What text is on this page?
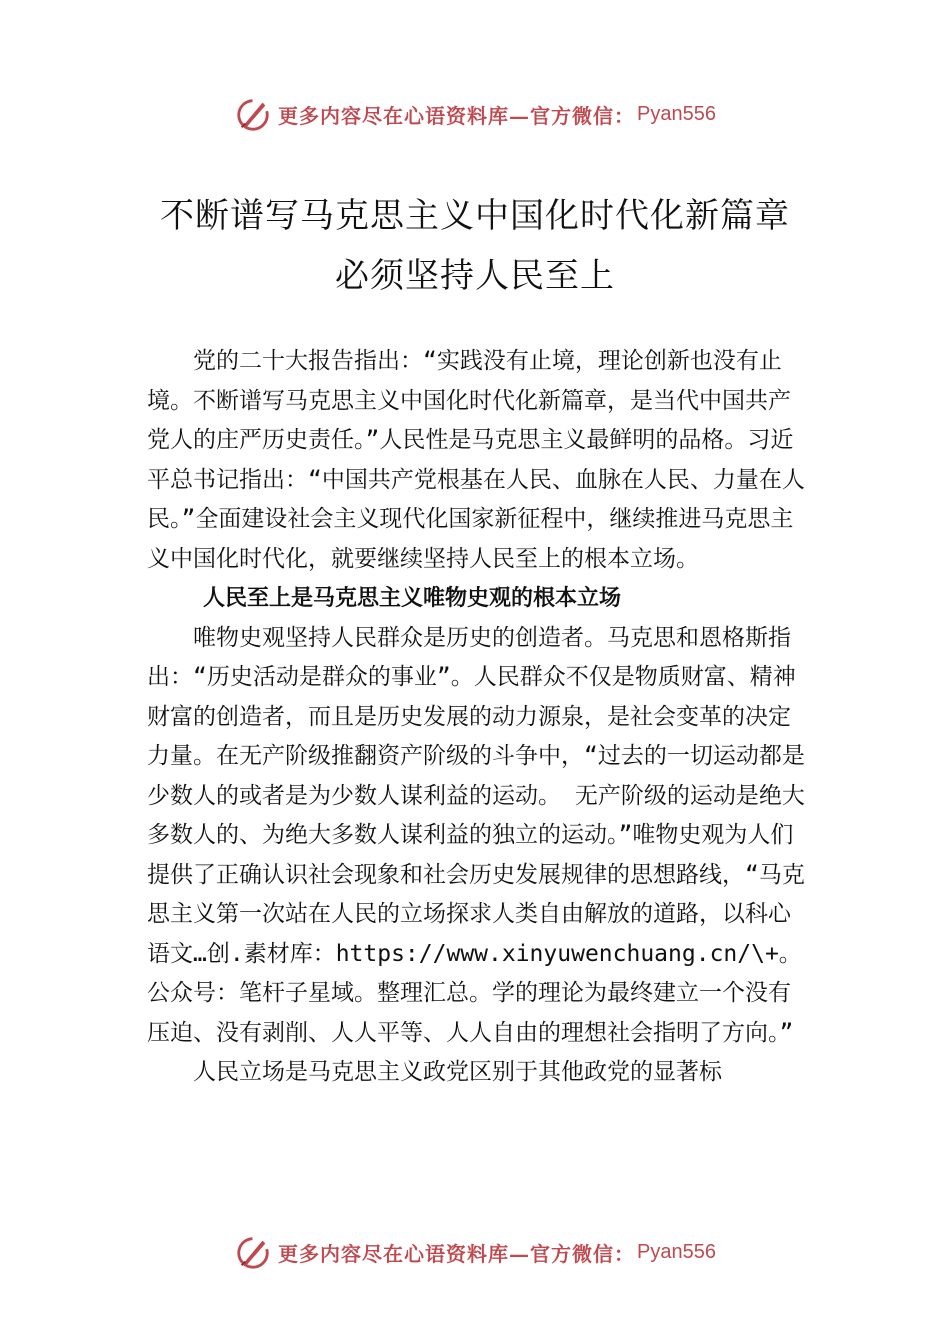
更多内容尽在心语资料库—官方微信： Pyan556
不断谱写马克思主义中国化时代化新篇章
必须坚持人民至上

党的二十大报告指出：“实践没有止境，理论创新也没有止境。不断谱写马克思主义中国化时代化新篇章，是当代中国共产党人的庄严历史责任。”人民性是马克思主义最鲜明的品格。习近平总书记指出：“中国共产党根基在人民、血脉在人民、力量在人民。”全面建设社会主义现代化国家新征程中，继续推进马克思主义中国化时代化，就要继续坚持人民至上的根本立场。

人民至上是马克思主义唯物史观的根本立场

唯物史观坚持人民群众是历史的创造者。马克思和恩格斯指出：“历史活动是群众的事业”。人民群众不仅是物质财富、精神财富的创造者，而且是历史发展的动力源泉，是社会变革的决定力量。在无产阶级推翻资产阶级的斗争中，“过去的一切运动都是少数人的或者是为少数人谋利益的运动。 无产阶级的运动是绝大多数人的、为绝大多数人谋利益的独立的运动。”唯物史观为人们提供了正确认识社会现象和社会历史发展规律的思想路线，“马克思主义第一次站在人民的立场探求人类自由解放的道路，以科心语文…创.素材库：https://www.xinyuwenchuang.cn/\+。公众号：笔杆子星域。整理汇总。学的理论为最终建立一个没有压迫、没有剥削、人人平等、人人自由的理想社会指明了方向。”

人民立场是马克思主义政党区别于其他政党的显著标

更多内容尽在心语资料库—官方微信： Pyan556
